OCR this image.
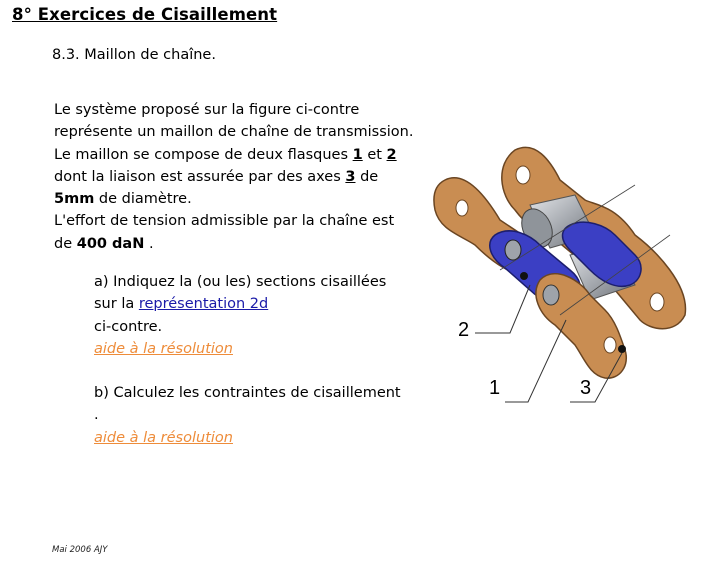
8° Exercices de Cisaillement
8.3. Maillon de chaîne.
Le système proposé sur la figure ci-contre représente un maillon de chaîne de transmission. Le maillon se compose de deux flasques 1 et 2 dont la liaison est assurée par des axes 3 de 5mm de diamètre.
L'effort de tension admissible par la chaîne est de 400 daN .
a) Indiquez la (ou les) sections cisaillées sur la représentation 2d
ci-contre.
aide à la résolution
b) Calculez les contraintes de cisaillement .
aide à la résolution
2
1	3
Mai 2006 AJY
